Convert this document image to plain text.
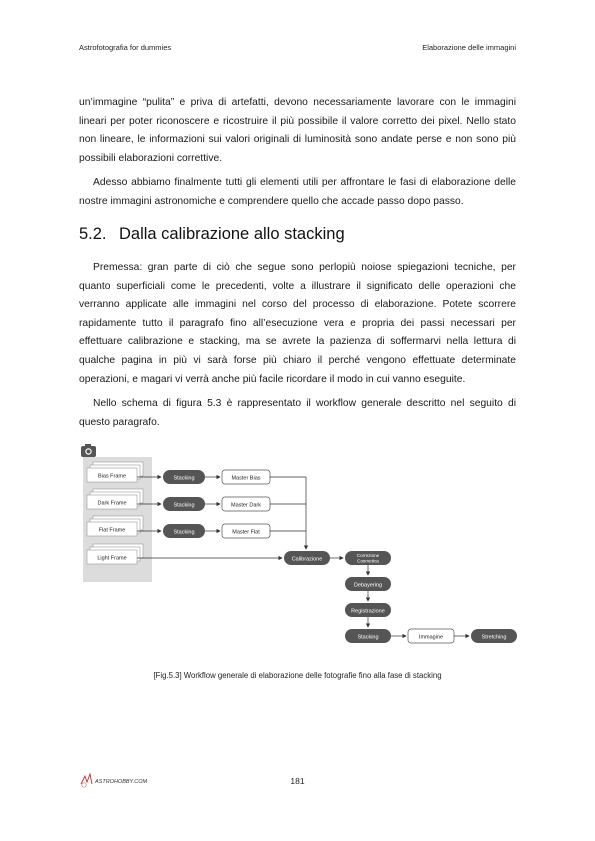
Astrofotografia for dummies	Elaborazione delle immagini

un’immagine “pulita” e priva di artefatti, devono necessariamente lavorare con le immagini lineari per poter riconoscere e ricostruire il più possibile il valore corretto dei pixel. Nello stato non lineare, le informazioni sui valori originali di luminosità sono andate perse e non sono più possibili elaborazioni correttive.

Adesso abbiamo finalmente tutti gli elementi utili per affrontare le fasi di elaborazione delle nostre immagini astronomiche e comprendere quello che accade passo dopo passo.

5.2. Dalla calibrazione allo stacking

Premessa: gran parte di ciò che segue sono perlopiù noiose spiegazioni tecniche, per quanto superficiali come le precedenti, volte a illustrare il significato delle operazioni che verranno applicate alle immagini nel corso del processo di elaborazione. Potete scorrere rapidamente tutto il paragrafo fino all’esecuzione vera e propria dei passi necessari per effettuare calibrazione e stacking, ma se avrete la pazienza di soffermarvi nella lettura di qualche pagina in più vi sarà forse più chiaro il perché vengono effettuate determinate operazioni, e magari vi verrà anche più facile ricordare il modo in cui vanno eseguite.

Nello schema di figura 5.3 è rappresentato il workflow generale descritto nel seguito di questo paragrafo.

Bias Frame
Dark Frame
Flat Frame
Light Frame
Stacking
Stacking
Stacking
Master Bias
Master Dark
Master Flat
Calibrazione
Correzione
Cosmetica
Debayering
Registrazione
Stacking	Immagine	Stretching
[Fig.5.3] Workflow generale di elaborazione delle fotografie fino alla fase di stacking
ASTROHOBBY.COM	181
